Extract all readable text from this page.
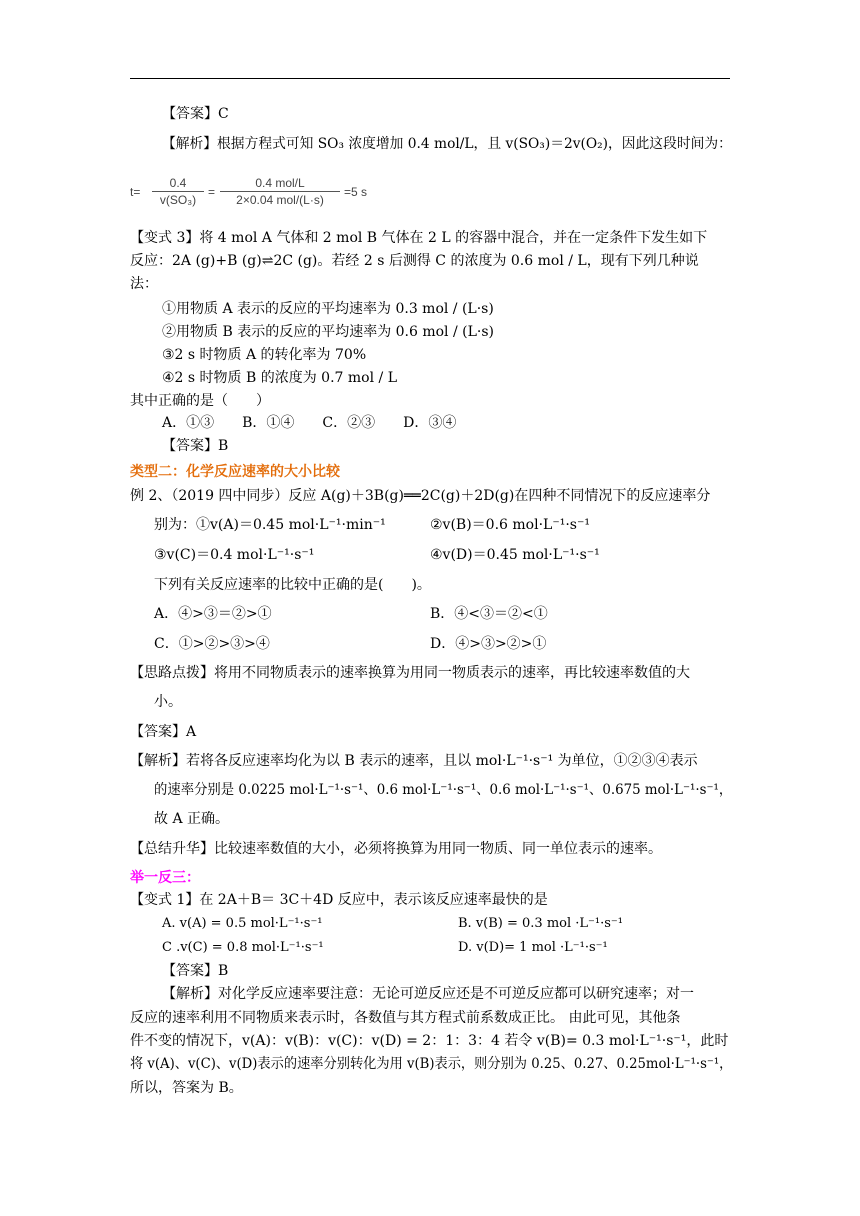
【答案】C
【解析】根据方程式可知 SO₃ 浓度增加 0.4 mol/L，且 v(SO₃)＝2v(O₂)，因此这段时间为：
$t= \frac{0.4}{\text{v(SO₃)}}$ =
0.4 mol/L
2×0.04 mol/(L·s)
=5 s
【变式 3】将 4 mol A 气体和 2 mol B 气体在 2 L 的容器中混合，并在一定条件下发生如下
反应：2A (g)+B (g)⇌2C (g)。若经 2 s 后测得 C 的浓度为 0.6 mol / L，现有下列几种说
法：
①用物质 A 表示的反应的平均速率为 0.3 mol / (L·s)
②用物质 B 表示的反应的平均速率为 0.6 mol / (L·s)
③2 s 时物质 A 的转化率为 70%
④2 s 时物质 B 的浓度为 0.7 mol / L
其中正确的是（　　）
A．①③　　B．①④　　C．②③　　D．③④
【答案】B
类型二：化学反应速率的大小比较
例 2、（2019 四中同步）反应 A(g)＋3B(g)══2C(g)＋2D(g)在四种不同情况下的反应速率分
别为：①v(A)＝0.45 mol·L⁻¹·min⁻¹	②v(B)＝0.6 mol·L⁻¹·s⁻¹
③v(C)＝0.4 mol·L⁻¹·s⁻¹	④v(D)＝0.45 mol·L⁻¹·s⁻¹
下列有关反应速率的比较中正确的是(　　)。
A．④>③＝②>①	B．④<③＝②<①
C．①>②>③>④	D．④>③>②>①
【思路点拨】将用不同物质表示的速率换算为用同一物质表示的速率，再比较速率数值的大
小。
【答案】A
【解析】若将各反应速率均化为以 B 表示的速率，且以 mol·L⁻¹·s⁻¹ 为单位，①②③④表示
的速率分别是 0.0225 mol·L⁻¹·s⁻¹、0.6 mol·L⁻¹·s⁻¹、0.6 mol·L⁻¹·s⁻¹、0.675 mol·L⁻¹·s⁻¹，
故 A 正确。
【总结升华】比较速率数值的大小，必须将换算为用同一物质、同一单位表示的速率。
举一反三：
【变式 1】在 2A＋B＝ 3C＋4D 反应中，表示该反应速率最快的是
A. v(A) = 0.5 mol·L⁻¹·s⁻¹	B. v(B) = 0.3 mol ·L⁻¹·s⁻¹
C .v(C) = 0.8 mol·L⁻¹·s⁻¹	D. v(D)= 1 mol ·L⁻¹·s⁻¹
【答案】B
【解析】对化学反应速率要注意：无论可逆反应还是不可逆反应都可以研究速率；对一
反应的速率利用不同物质来表示时，各数值与其方程式前系数成正比。 由此可见，其他条
件不变的情况下，v(A)：v(B)：v(C)：v(D) = 2：1：3：4 若令 v(B)= 0.3 mol·L⁻¹·s⁻¹，此时
将 v(A)、v(C)、v(D)表示的速率分别转化为用 v(B)表示，则分别为 0.25、0.27、0.25mol·L⁻¹·s⁻¹，
所以，答案为 B。
